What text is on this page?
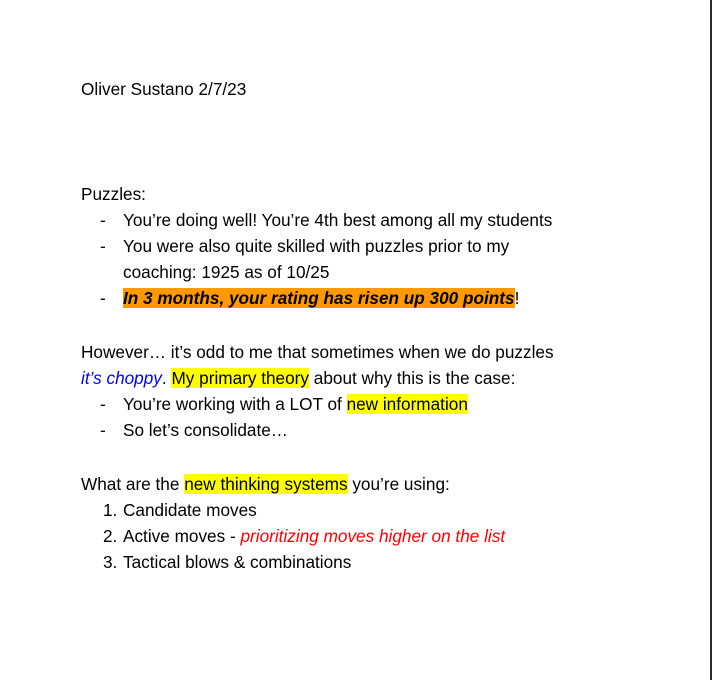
Oliver Sustano 2/7/23
Puzzles:
- You’re doing well! You’re 4th best among all my students
- You were also quite skilled with puzzles prior to my
coaching: 1925 as of 10/25
- In 3 months, your rating has risen up 300 points!
However… it’s odd to me that sometimes when we do puzzles
it’s choppy. My primary theory about why this is the case:
- You’re working with a LOT of new information
- So let’s consolidate…
What are the new thinking systems you’re using:
1. Candidate moves
2. Active moves - prioritizing moves higher on the list
3. Tactical blows & combinations
